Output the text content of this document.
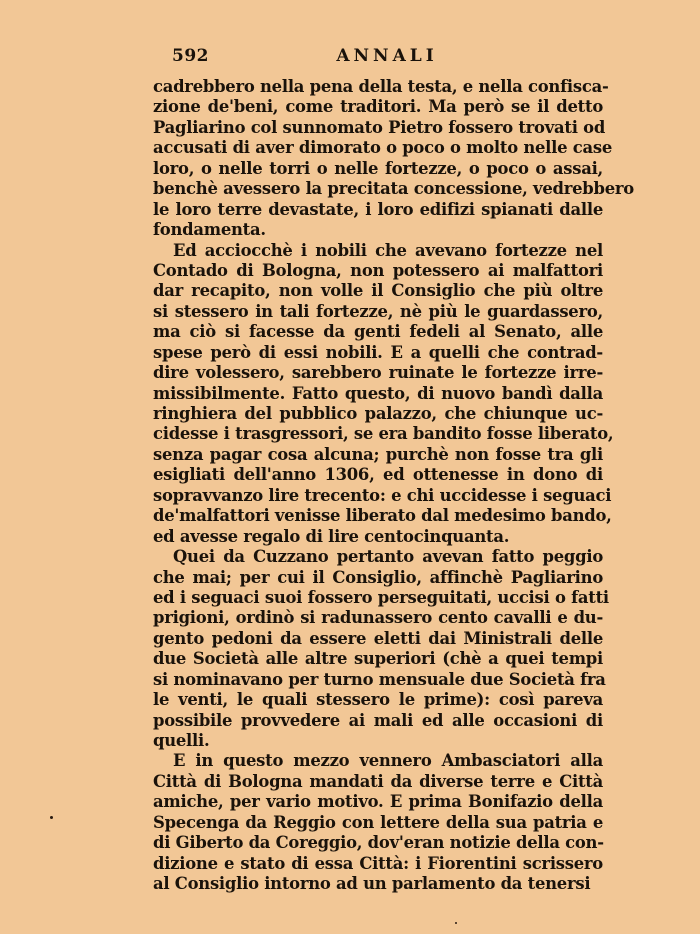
592	ANNALI
cadrebbero nella pena della testa, e nella confisca-
zione de'beni, come traditori. Ma però se il detto
Pagliarino col sunnomato Pietro fossero trovati od
accusati di aver dimorato o poco o molto nelle case
loro, o nelle torri o nelle fortezze, o poco o assai,
benchè avessero la precitata concessione, vedrebbero
le loro terre devastate, i loro edifizi spianati dalle
fondamenta.
Ed acciocchè i nobili che avevano fortezze nel
Contado di Bologna, non potessero ai malfattori
dar recapito, non volle il Consiglio che più oltre
si stessero in tali fortezze, nè più le guardassero,
ma ciò si facesse da genti fedeli al Senato, alle
spese però di essi nobili. E a quelli che contrad-
dire volessero, sarebbero ruinate le fortezze irre-
missibilmente. Fatto questo, di nuovo bandì dalla
ringhiera del pubblico palazzo, che chiunque uc-
cidesse i trasgressori, se era bandito fosse liberato,
senza pagar cosa alcuna; purchè non fosse tra gli
esigliati dell'anno 1306, ed ottenesse in dono di
sopravvanzo lire trecento: e chi uccidesse i seguaci
de'malfattori venisse liberato dal medesimo bando,
ed avesse regalo di lire centocinquanta.
Quei da Cuzzano pertanto avevan fatto peggio
che mai; per cui il Consiglio, affinchè Pagliarino
ed i seguaci suoi fossero perseguitati, uccisi o fatti
prigioni, ordinò si radunassero cento cavalli e du-
gento pedoni da essere eletti dai Ministrali delle
due Società alle altre superiori (chè a quei tempi
si nominavano per turno mensuale due Società fra
le venti, le quali stessero le prime): così pareva
possibile provvedere ai mali ed alle occasioni di
quelli.
E in questo mezzo vennero Ambasciatori alla
Città di Bologna mandati da diverse terre e Città
amiche, per vario motivo. E prima Bonifazio della
Specenga da Reggio con lettere della sua patria e
di Giberto da Coreggio, dov'eran notizie della con-
dizione e stato di essa Città: i Fiorentini scrissero
al Consiglio intorno ad un parlamento da tenersi
